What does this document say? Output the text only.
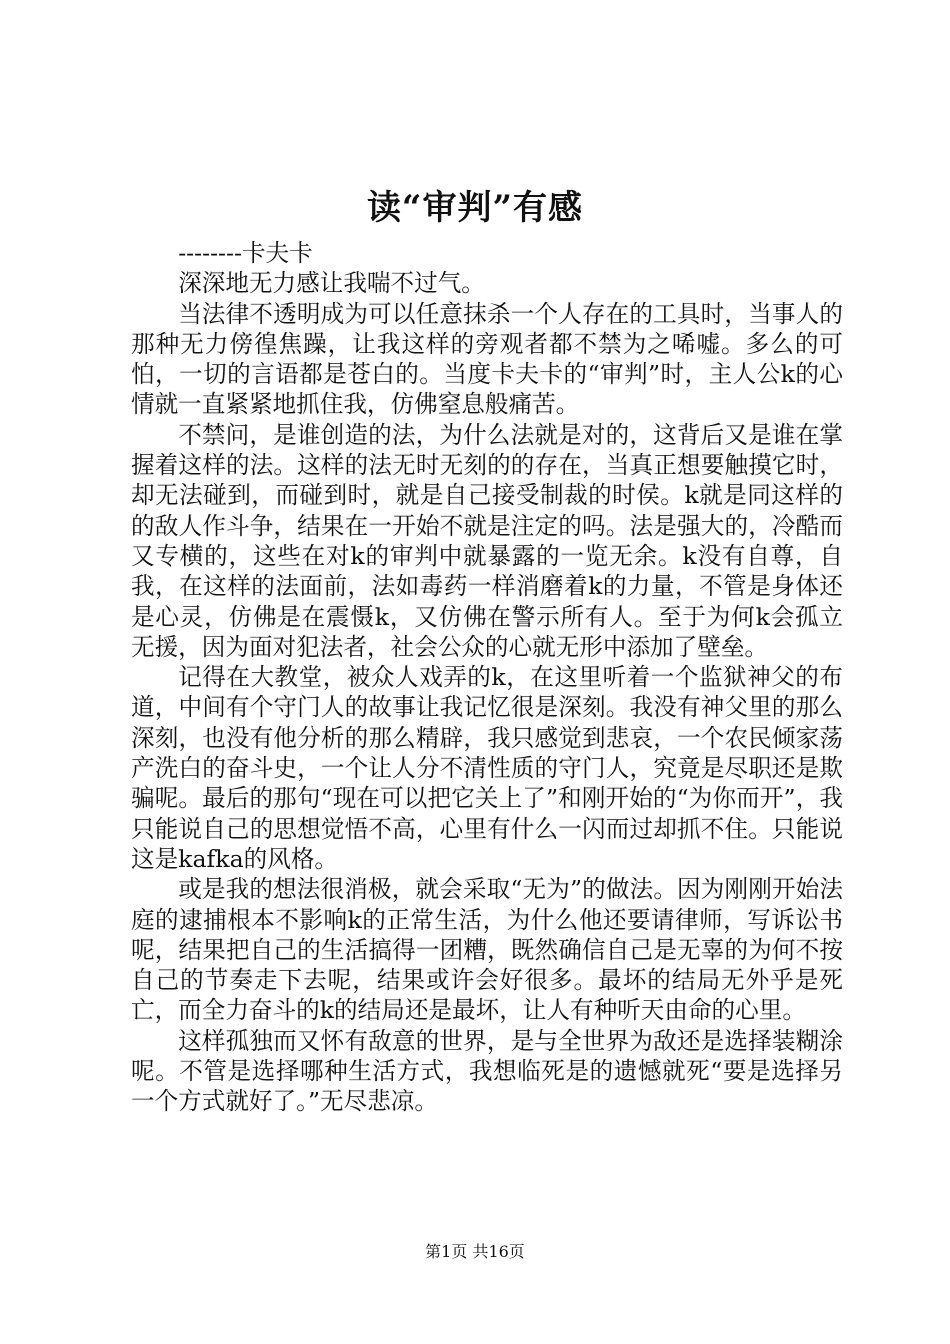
读“审判”有感

--------卡夫卡

深深地无力感让我喘不过气。

当法律不透明成为可以任意抹杀一个人存在的工具时，当事人的那种无力傍徨焦躁，让我这样的旁观者都不禁为之唏嘘。多么的可怕，一切的言语都是苍白的。当度卡夫卡的“审判”时，主人公k的心情就一直紧紧地抓住我，仿佛窒息般痛苦。

不禁问，是谁创造的法，为什么法就是对的，这背后又是谁在掌握着这样的法。这样的法无时无刻的的存在，当真正想要触摸它时，却无法碰到，而碰到时，就是自己接受制裁的时侯。k就是同这样的的敌人作斗争，结果在一开始不就是注定的吗。法是强大的，冷酷而又专横的，这些在对k的审判中就暴露的一览无余。k没有自尊，自我，在这样的法面前，法如毒药一样消磨着k的力量，不管是身体还是心灵，仿佛是在震慑k，又仿佛在警示所有人。至于为何k会孤立无援，因为面对犯法者，社会公众的心就无形中添加了壁垒。

记得在大教堂，被众人戏弄的k，在这里听着一个监狱神父的布道，中间有个守门人的故事让我记忆很是深刻。我没有神父里的那么深刻，也没有他分析的那么精辟，我只感觉到悲哀，一个农民倾家荡产洗白的奋斗史，一个让人分不清性质的守门人，究竟是尽职还是欺骗呢。最后的那句“现在可以把它关上了”和刚开始的“为你而开”，我只能说自己的思想觉悟不高，心里有什么一闪而过却抓不住。只能说这是kafka的风格。

或是我的想法很消极，就会采取“无为”的做法。因为刚刚开始法庭的逮捕根本不影响k的正常生活，为什么他还要请律师，写诉讼书呢，结果把自己的生活搞得一团糟，既然确信自己是无辜的为何不按自己的节奏走下去呢，结果或许会好很多。最坏的结局无外乎是死亡，而全力奋斗的k的结局还是最坏，让人有种听天由命的心里。

这样孤独而又怀有敌意的世界，是与全世界为敌还是选择装糊涂呢。不管是选择哪种生活方式，我想临死是的遗憾就死“要是选择另一个方式就好了。”无尽悲凉。

第1页 共16页
